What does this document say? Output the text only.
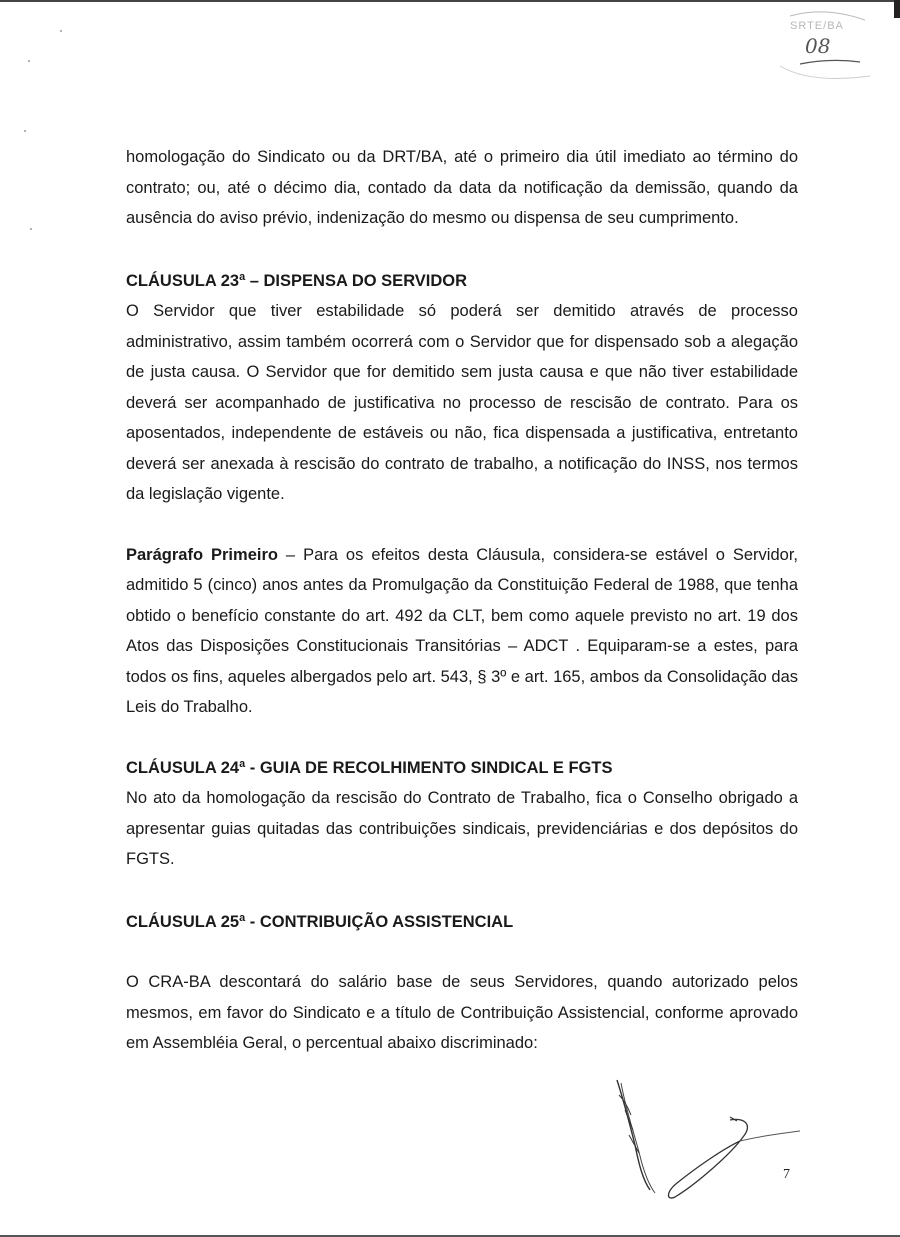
SRTE/BA
08

homologação do Sindicato ou da DRT/BA, até o primeiro dia útil imediato ao término do contrato; ou, até o décimo dia, contado da data da notificação da demissão, quando da ausência do aviso prévio, indenização do mesmo ou dispensa de seu cumprimento.

CLÁUSULA 23ª – DISPENSA DO SERVIDOR

O Servidor que tiver estabilidade só poderá ser demitido através de processo administrativo, assim também ocorrerá com o Servidor que for dispensado sob a alegação de justa causa. O Servidor que for demitido sem justa causa e que não tiver estabilidade deverá ser acompanhado de justificativa no processo de rescisão de contrato. Para os aposentados, independente de estáveis ou não, fica dispensada a justificativa, entretanto deverá ser anexada à rescisão do contrato de trabalho, a notificação do INSS, nos termos da legislação vigente.

Parágrafo Primeiro – Para os efeitos desta Cláusula, considera-se estável o Servidor, admitido 5 (cinco) anos antes da Promulgação da Constituição Federal de 1988, que tenha obtido o benefício constante do art. 492 da CLT, bem como aquele previsto no art. 19 dos Atos das Disposições Constitucionais Transitórias – ADCT . Equiparam-se a estes, para todos os fins, aqueles albergados pelo art. 543, § 3º e art. 165, ambos da Consolidação das Leis do Trabalho.

CLÁUSULA 24ª - GUIA DE RECOLHIMENTO SINDICAL E FGTS

No ato da homologação da rescisão do Contrato de Trabalho, fica o Conselho obrigado a apresentar guias quitadas das contribuições sindicais, previdenciárias e dos depósitos do FGTS.

CLÁUSULA 25ª - CONTRIBUIÇÃO ASSISTENCIAL

O CRA-BA descontará do salário base de seus Servidores, quando autorizado pelos mesmos, em favor do Sindicato e a título de Contribuição Assistencial, conforme aprovado em Assembléia Geral, o percentual abaixo discriminado:

7
